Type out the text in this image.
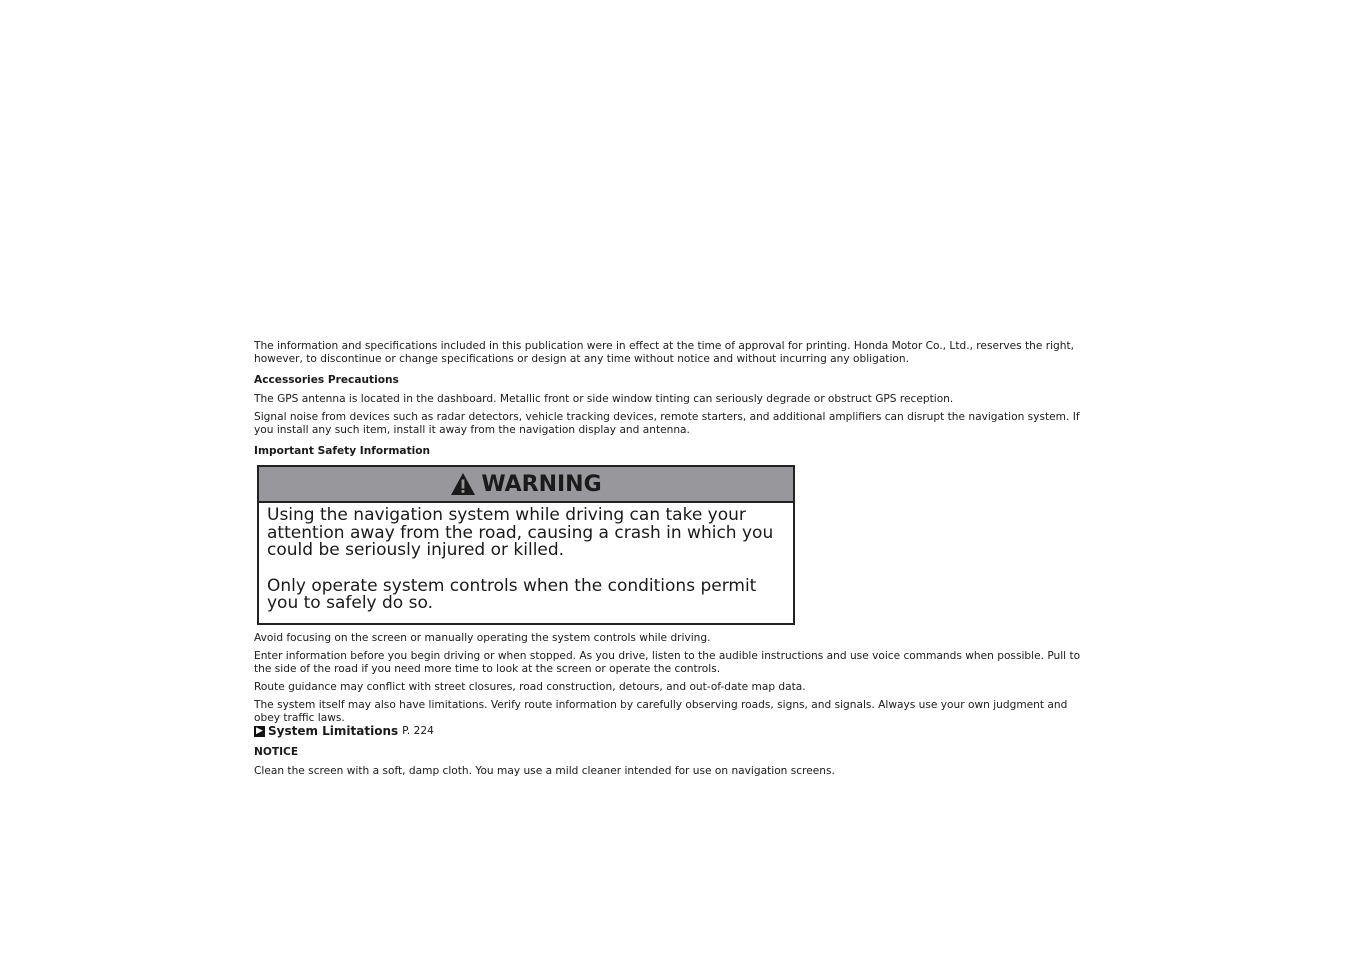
The information and specifications included in this publication were in effect at the time of approval for printing. Honda Motor Co., Ltd., reserves the right, however, to discontinue or change specifications or design at any time without notice and without incurring any obligation.

Accessories Precautions

The GPS antenna is located in the dashboard. Metallic front or side window tinting can seriously degrade or obstruct GPS reception.

Signal noise from devices such as radar detectors, vehicle tracking devices, remote starters, and additional amplifiers can disrupt the navigation system. If you install any such item, install it away from the navigation display and antenna.

Important Safety Information
WARNING

Using the navigation system while driving can take your attention away from the road, causing a crash in which you could be seriously injured or killed.

Only operate system controls when the conditions permit you to safely do so.

Avoid focusing on the screen or manually operating the system controls while driving.

Enter information before you begin driving or when stopped. As you drive, listen to the audible instructions and use voice commands when possible. Pull to the side of the road if you need more time to look at the screen or operate the controls.

Route guidance may conflict with street closures, road construction, detours, and out-of-date map data.

The system itself may also have limitations. Verify route information by carefully observing roads, signs, and signals. Always use your own judgment and obey traffic laws.

▶ System Limitations P. 224
NOTICE

Clean the screen with a soft, damp cloth. You may use a mild cleaner intended for use on navigation screens.
